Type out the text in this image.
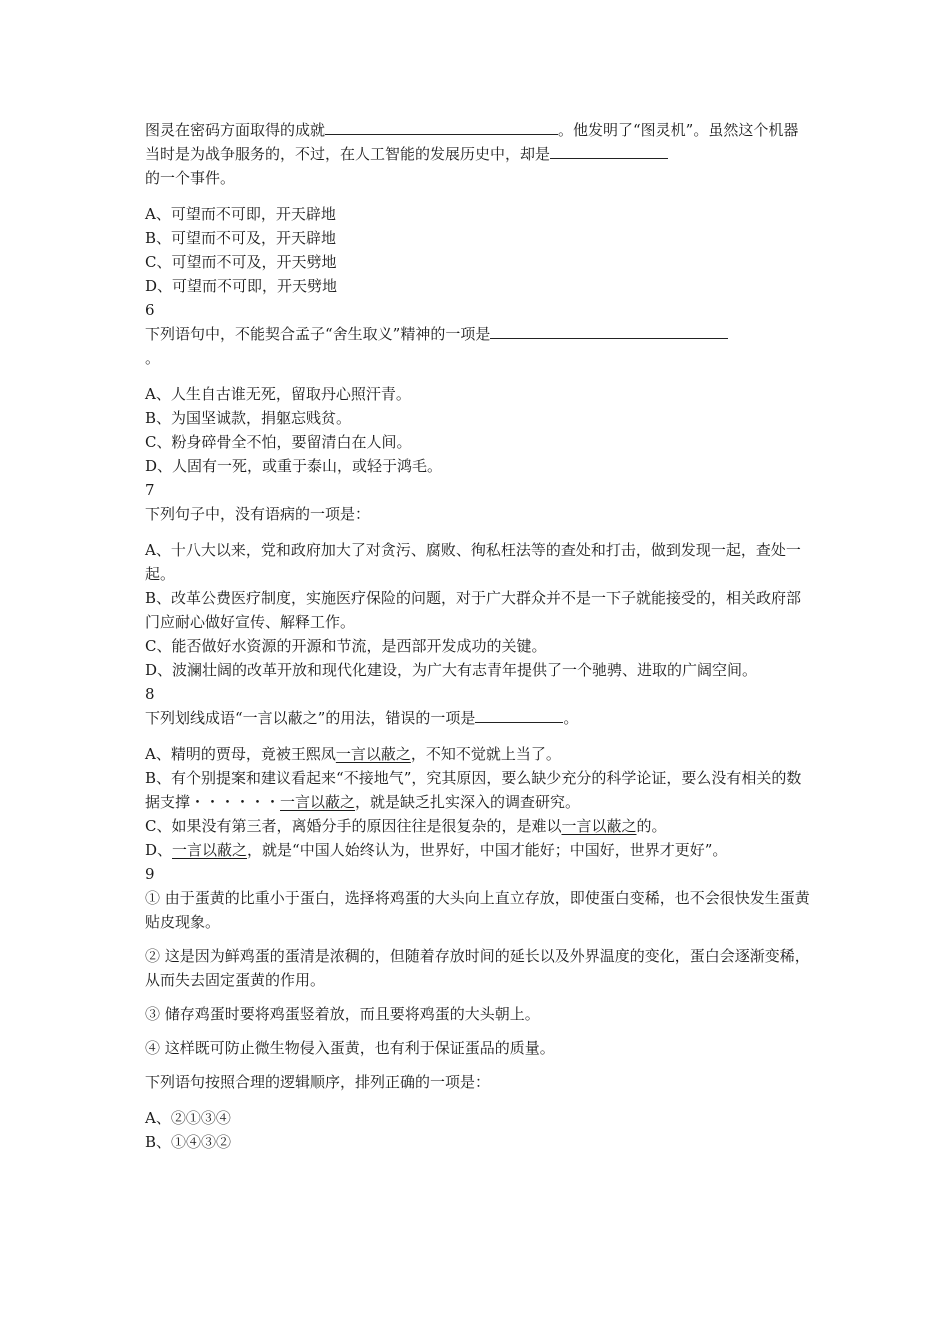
图灵在密码方面取得的成就	。他发明了“图灵机”。虽然这个机器当时是为战争服务的，不过，在人工智能的发展历史中，却是

的一个事件。

A、可望而不可即，开天辟地

B、可望而不可及，开天辟地

C、可望而不可及，开天劈地

D、可望而不可即，开天劈地

6

下列语句中，不能契合孟子“舍生取义”精神的一项是

。

A、人生自古谁无死，留取丹心照汗青。

B、为国坚诚款，捐躯忘贱贫。

C、粉身碎骨全不怕，要留清白在人间。

D、人固有一死，或重于泰山，或轻于鸿毛。

7

下列句子中，没有语病的一项是：

A、十八大以来，党和政府加大了对贪污、腐败、徇私枉法等的查处和打击，做到发现一起，查处一起。

B、改革公费医疗制度，实施医疗保险的问题，对于广大群众并不是一下子就能接受的，相关政府部门应耐心做好宣传、解释工作。

C、能否做好水资源的开源和节流，是西部开发成功的关键。

D、波澜壮阔的改革开放和现代化建设，为广大有志青年提供了一个驰骋、进取的广阔空间。

8

下列划线成语“一言以蔽之”的用法，错误的一项是	。

A、精明的贾母，竟被王熙凤一言以蔽之，不知不觉就上当了。

B、有个别提案和建议看起来“不接地气”，究其原因，要么缺少充分的科学论证，要么没有相关的数据支撑・・・・・・一言以蔽之，就是缺乏扎实深入的调查研究。

C、如果没有第三者，离婚分手的原因往往是很复杂的，是难以一言以蔽之的。

D、一言以蔽之，就是“中国人始终认为，世界好，中国才能好；中国好，世界才更好”。

9

① 由于蛋黄的比重小于蛋白，选择将鸡蛋的大头向上直立存放，即使蛋白变稀，也不会很快发生蛋黄贴皮现象。

② 这是因为鲜鸡蛋的蛋清是浓稠的，但随着存放时间的延长以及外界温度的变化，蛋白会逐渐变稀，从而失去固定蛋黄的作用。

③ 储存鸡蛋时要将鸡蛋竖着放，而且要将鸡蛋的大头朝上。

④ 这样既可防止微生物侵入蛋黄，也有利于保证蛋品的质量。

下列语句按照合理的逻辑顺序，排列正确的一项是：

A、②①③④

B、①④③②
